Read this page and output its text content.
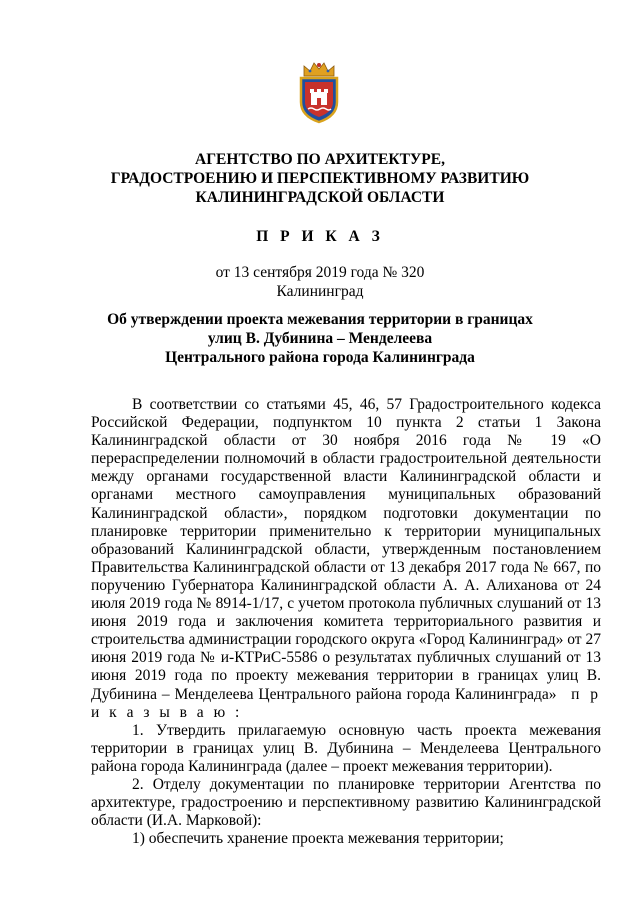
АГЕНТСТВО ПО АРХИТЕКТУРЕ,
ГРАДОСТРОЕНИЮ И ПЕРСПЕКТИВНОМУ РАЗВИТИЮ
КАЛИНИНГРАДСКОЙ ОБЛАСТИ
П Р И К А З
от 13 сентября 2019 года № 320
Калининград
Об утверждении проекта межевания территории в границах
улиц В. Дубинина – Менделеева
Центрального района города Калининграда

В соответствии со статьями 45, 46, 57 Градостроительного кодекса Российской Федерации, подпунктом 10 пункта 2 статьи 1 Закона Калининградской области от 30 ноября 2016 года № 19 «О перераспределении полномочий в области градостроительной деятельности между органами государственной власти Калининградской области и органами местного самоуправления муниципальных образований Калининградской области», порядком подготовки документации по планировке территории применительно к территории муниципальных образований Калининградской области, утвержденным постановлением Правительства Калининградской области от 13 декабря 2017 года № 667, по поручению Губернатора Калининградской области А. А. Алиханова от 24 июля 2019 года № 8914-1/17, с учетом протокола публичных слушаний от 13 июня 2019 года и заключения комитета территориального развития и строительства администрации городского округа «Город Калининград» от 27 июня 2019 года № и-КТРиС-5586 о результатах публичных слушаний от 13 июня 2019 года по проекту межевания территории в границах улиц В. Дубинина – Менделеева Центрального района города Калининграда» п р и к а з ы в а ю :

1. Утвердить прилагаемую основную часть проекта межевания территории в границах улиц В. Дубинина – Менделеева Центрального района города Калининграда (далее – проект межевания территории).

2. Отделу документации по планировке территории Агентства по архитектуре, градостроению и перспективному развитию Калининградской области (И.А. Марковой):

1) обеспечить хранение проекта межевания территории;
